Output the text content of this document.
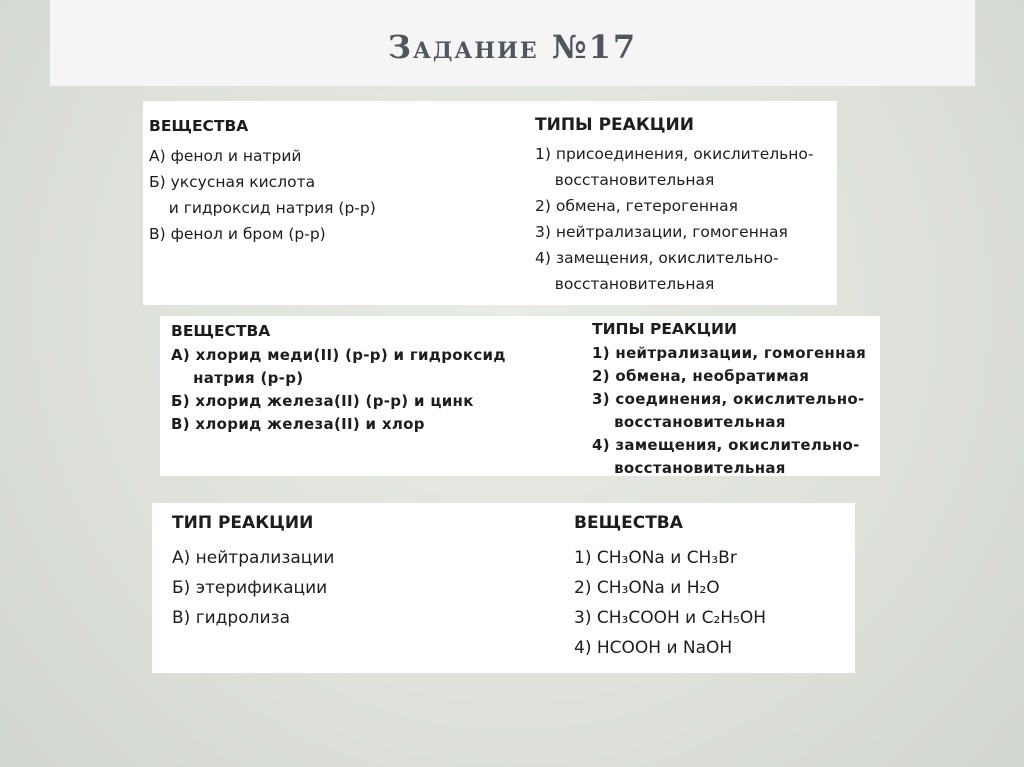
Задание №17
ВЕЩЕСТВА
А) фенол и натрий
Б) уксусная кислота
и гидроксид натрия (р-р)
В) фенол и бром (р-р)
ТИПЫ РЕАКЦИИ
1) присоединения, окислительно-
восстановительная
2) обмена, гетерогенная
3) нейтрализации, гомогенная
4) замещения, окислительно-
восстановительная
ВЕЩЕСТВА
А) хлорид меди(II) (р-р) и гидроксид
натрия (р-р)
Б) хлорид железа(II) (р-р) и цинк
В) хлорид железа(II) и хлор
ТИПЫ РЕАКЦИИ
1) нейтрализации, гомогенная
2) обмена, необратимая
3) соединения, окислительно-
восстановительная
4) замещения, окислительно-
восстановительная
ТИП РЕАКЦИИ
А) нейтрализации
Б) этерификации
В) гидролиза
ВЕЩЕСТВА
1) CH₃ONa и CH₃Br
2) CH₃ONa и H₂O
3) CH₃COOH и C₂H₅OH
4) HCOOH и NaOH
